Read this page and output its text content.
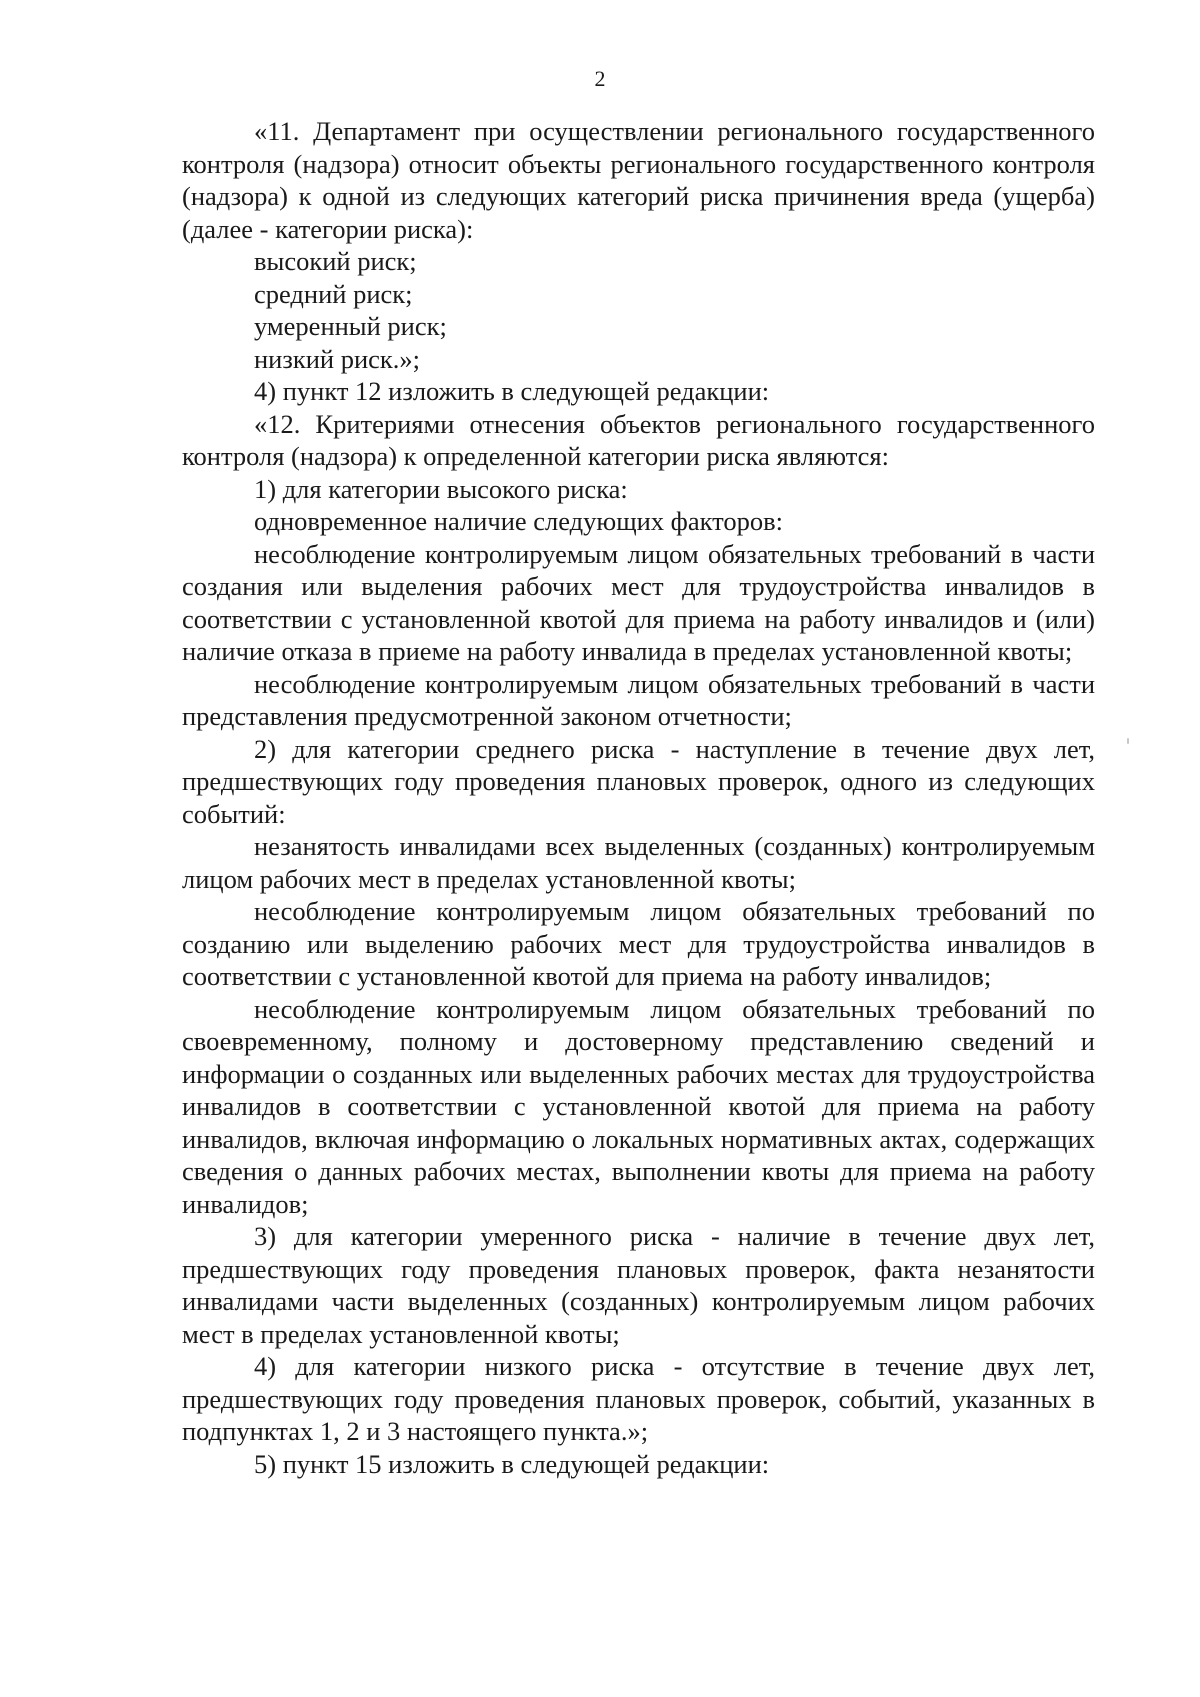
2

«11. Департамент при осуществлении регионального государственного контроля (надзора) относит объекты регионального государственного контроля (надзора) к одной из следующих категорий риска причинения вреда (ущерба) (далее - категории риска):

высокий риск;

средний риск;

умеренный риск;

низкий риск.»;

4) пункт 12 изложить в следующей редакции:

«12. Критериями отнесения объектов регионального государственного контроля (надзора) к определенной категории риска являются:

1) для категории высокого риска:

одновременное наличие следующих факторов:

несоблюдение контролируемым лицом обязательных требований в части создания или выделения рабочих мест для трудоустройства инвалидов в соответствии с установленной квотой для приема на работу инвалидов и (или) наличие отказа в приеме на работу инвалида в пределах установленной квоты;

несоблюдение контролируемым лицом обязательных требований в части представления предусмотренной законом отчетности;

2) для категории среднего риска - наступление в течение двух лет, предшествующих году проведения плановых проверок, одного из следующих событий:

незанятость инвалидами всех выделенных (созданных) контролируемым лицом рабочих мест в пределах установленной квоты;

несоблюдение контролируемым лицом обязательных требований по созданию или выделению рабочих мест для трудоустройства инвалидов в соответствии с установленной квотой для приема на работу инвалидов;

несоблюдение контролируемым лицом обязательных требований по своевременному, полному и достоверному представлению сведений и информации о созданных или выделенных рабочих местах для трудоустройства инвалидов в соответствии с установленной квотой для приема на работу инвалидов, включая информацию о локальных нормативных актах, содержащих сведения о данных рабочих местах, выполнении квоты для приема на работу инвалидов;

3) для категории умеренного риска - наличие в течение двух лет, предшествующих году проведения плановых проверок, факта незанятости инвалидами части выделенных (созданных) контролируемым лицом рабочих мест в пределах установленной квоты;

4) для категории низкого риска - отсутствие в течение двух лет, предшествующих году проведения плановых проверок, событий, указанных в подпунктах 1, 2 и 3 настоящего пункта.»;

5) пункт 15 изложить в следующей редакции:
